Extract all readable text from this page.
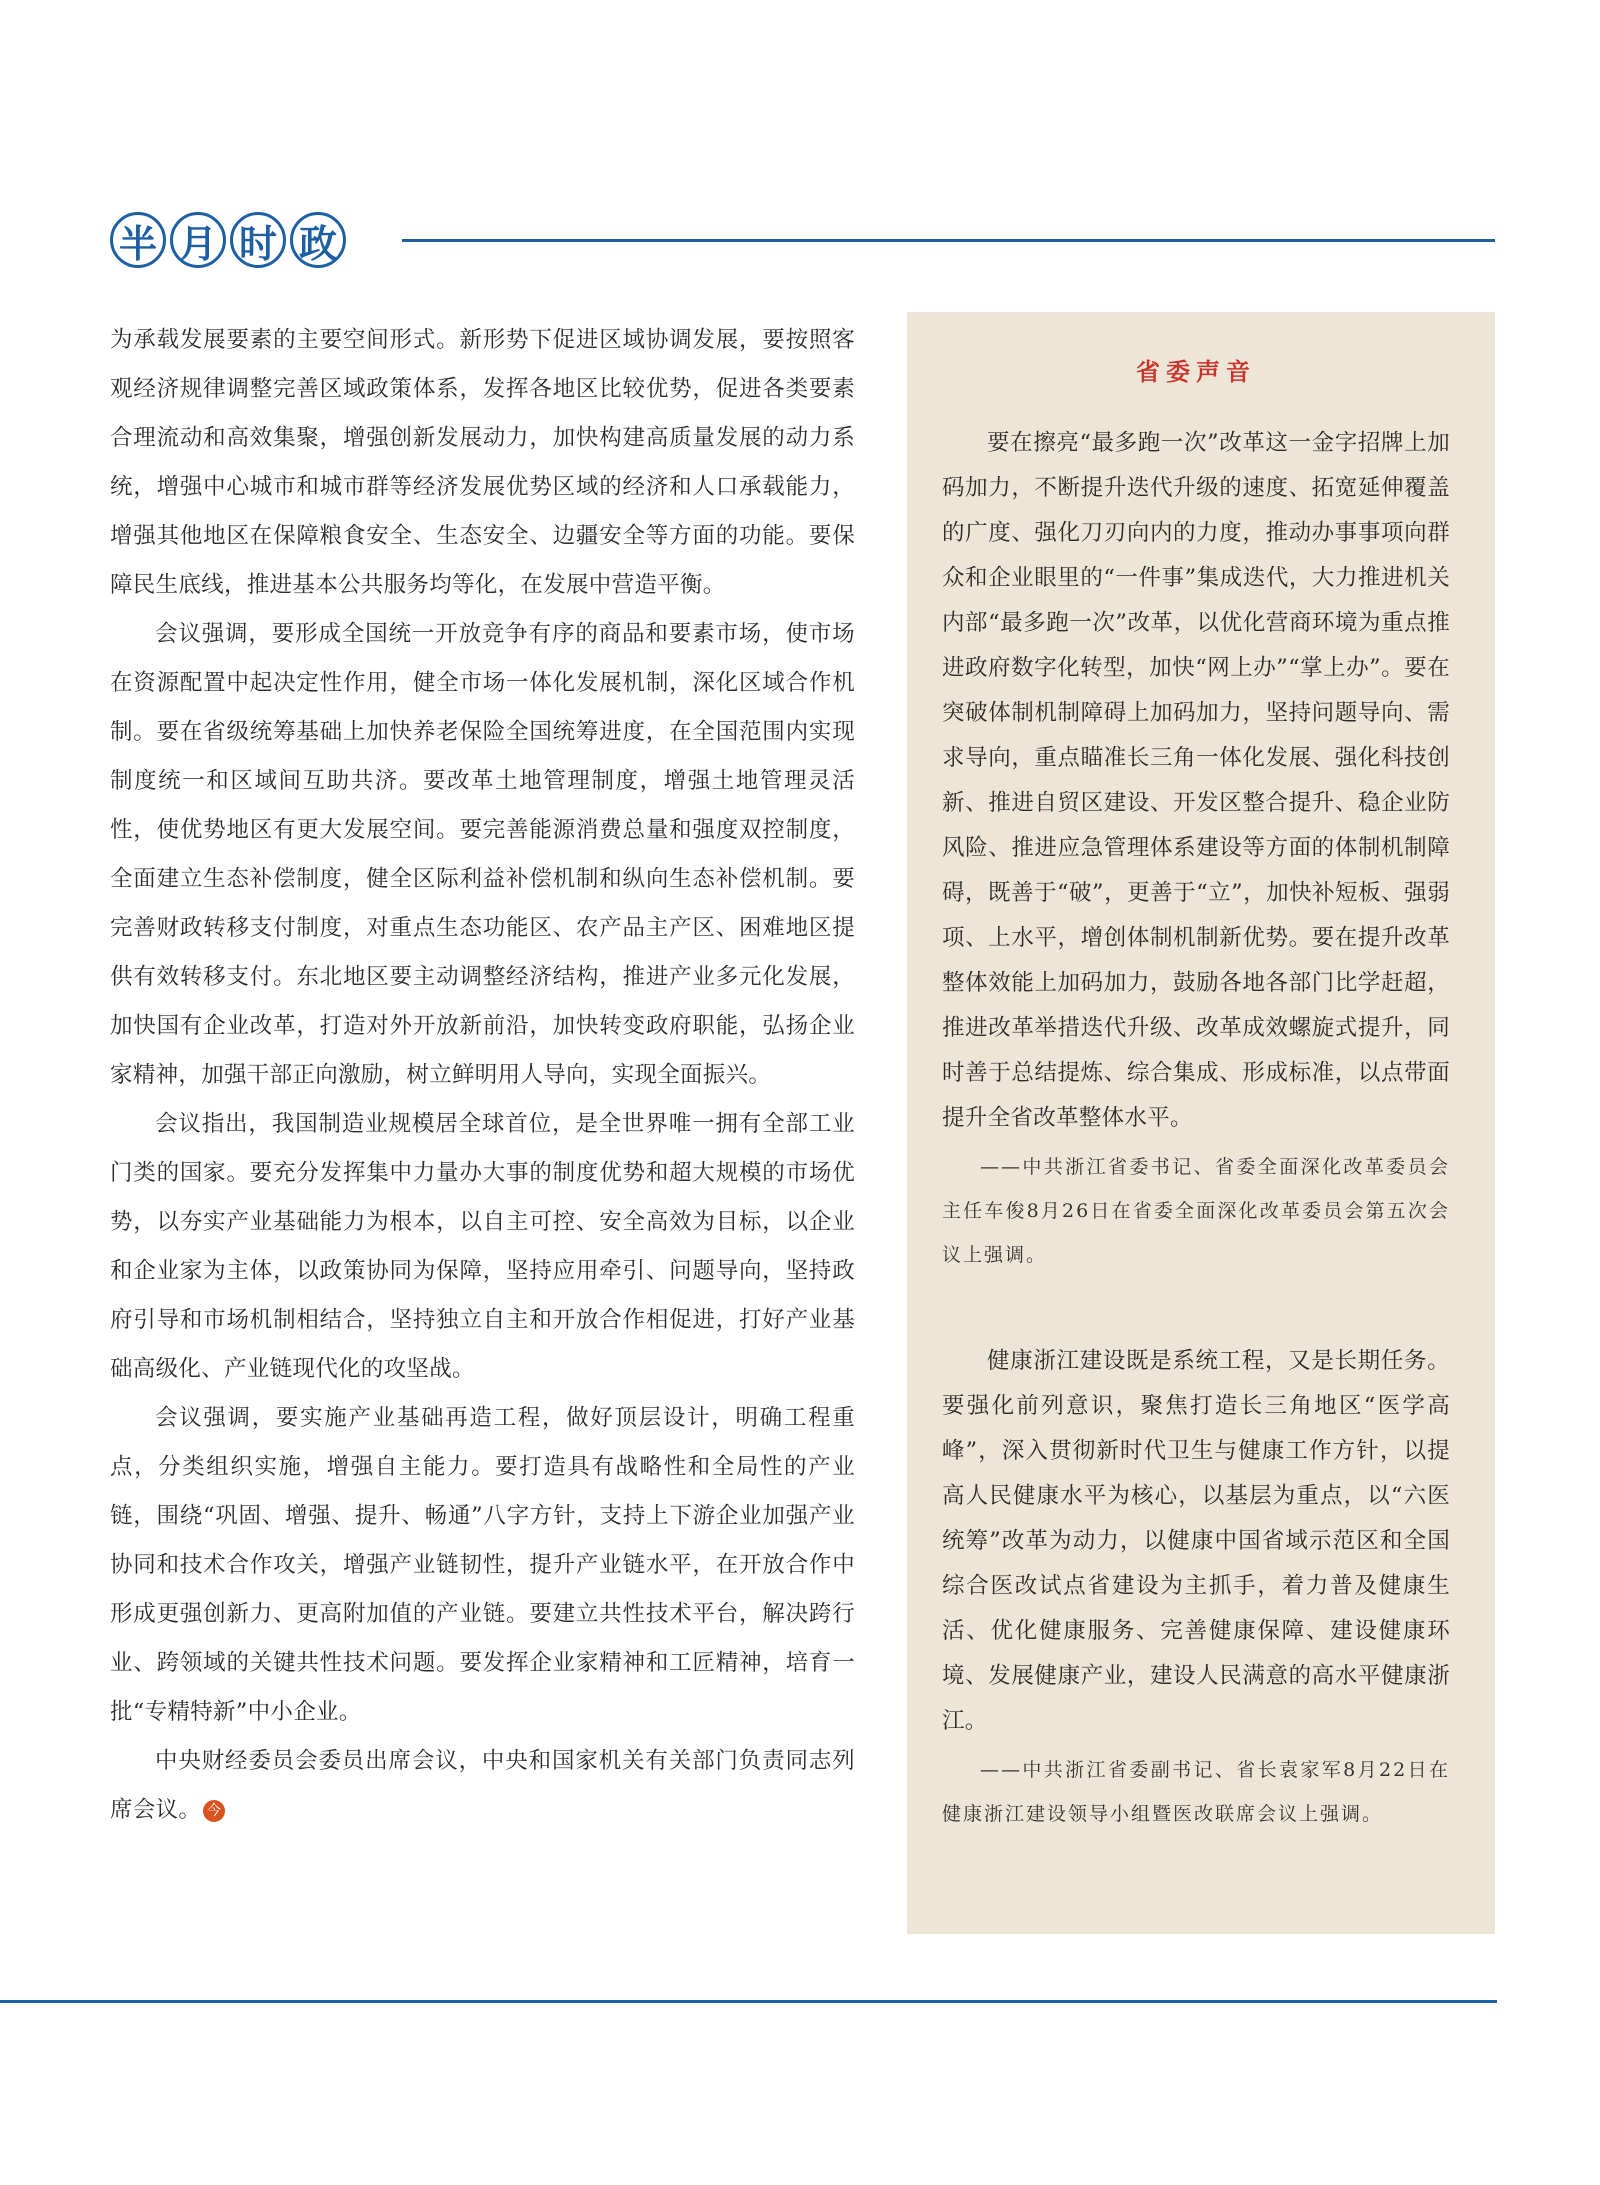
半 月 时 政

为承载发展要素的主要空间形式。新形势下促进区域协调发展，要按照客观经济规律调整完善区域政策体系，发挥各地区比较优势，促进各类要素合理流动和高效集聚，增强创新发展动力，加快构建高质量发展的动力系统，增强中心城市和城市群等经济发展优势区域的经济和人口承载能力，增强其他地区在保障粮食安全、生态安全、边疆安全等方面的功能。要保障民生底线，推进基本公共服务均等化，在发展中营造平衡。

会议强调，要形成全国统一开放竞争有序的商品和要素市场，使市场在资源配置中起决定性作用，健全市场一体化发展机制，深化区域合作机制。要在省级统筹基础上加快养老保险全国统筹进度，在全国范围内实现制度统一和区域间互助共济。要改革土地管理制度，增强土地管理灵活性，使优势地区有更大发展空间。要完善能源消费总量和强度双控制度，全面建立生态补偿制度，健全区际利益补偿机制和纵向生态补偿机制。要完善财政转移支付制度，对重点生态功能区、农产品主产区、困难地区提供有效转移支付。东北地区要主动调整经济结构，推进产业多元化发展，加快国有企业改革，打造对外开放新前沿，加快转变政府职能，弘扬企业家精神，加强干部正向激励，树立鲜明用人导向，实现全面振兴。

会议指出，我国制造业规模居全球首位，是全世界唯一拥有全部工业门类的国家。要充分发挥集中力量办大事的制度优势和超大规模的市场优势，以夯实产业基础能力为根本，以自主可控、安全高效为目标，以企业和企业家为主体，以政策协同为保障，坚持应用牵引、问题导向，坚持政府引导和市场机制相结合，坚持独立自主和开放合作相促进，打好产业基础高级化、产业链现代化的攻坚战。

会议强调，要实施产业基础再造工程，做好顶层设计，明确工程重点，分类组织实施，增强自主能力。要打造具有战略性和全局性的产业链，围绕“巩固、增强、提升、畅通”八字方针，支持上下游企业加强产业协同和技术合作攻关，增强产业链韧性，提升产业链水平，在开放合作中形成更强创新力、更高附加值的产业链。要建立共性技术平台，解决跨行业、跨领域的关键共性技术问题。要发挥企业家精神和工匠精神，培育一批“专精特新”中小企业。

中央财经委员会委员出席会议，中央和国家机关有关部门负责同志列席会议。 今

省委声音

要在擦亮“最多跑一次”改革这一金字招牌上加码加力，不断提升迭代升级的速度、拓宽延伸覆盖的广度、强化刀刃向内的力度，推动办事事项向群众和企业眼里的“一件事”集成迭代，大力推进机关内部“最多跑一次”改革，以优化营商环境为重点推进政府数字化转型，加快“网上办”“掌上办”。要在突破体制机制障碍上加码加力，坚持问题导向、需求导向，重点瞄准长三角一体化发展、强化科技创新、推进自贸区建设、开发区整合提升、稳企业防风险、推进应急管理体系建设等方面的体制机制障碍，既善于“破”，更善于“立”，加快补短板、强弱项、上水平，增创体制机制新优势。要在提升改革整体效能上加码加力，鼓励各地各部门比学赶超，推进改革举措迭代升级、改革成效螺旋式提升，同时善于总结提炼、综合集成、形成标准，以点带面提升全省改革整体水平。

——中共浙江省委书记、省委全面深化改革委员会主任车俊8月26日在省委全面深化改革委员会第五次会议上强调。

健康浙江建设既是系统工程，又是长期任务。要强化前列意识，聚焦打造长三角地区“医学高峰”，深入贯彻新时代卫生与健康工作方针，以提高人民健康水平为核心，以基层为重点，以“六医统筹”改革为动力，以健康中国省域示范区和全国综合医改试点省建设为主抓手，着力普及健康生活、优化健康服务、完善健康保障、建设健康环境、发展健康产业，建设人民满意的高水平健康浙江。

——中共浙江省委副书记、省长袁家军8月22日在健康浙江建设领导小组暨医改联席会议上强调。
